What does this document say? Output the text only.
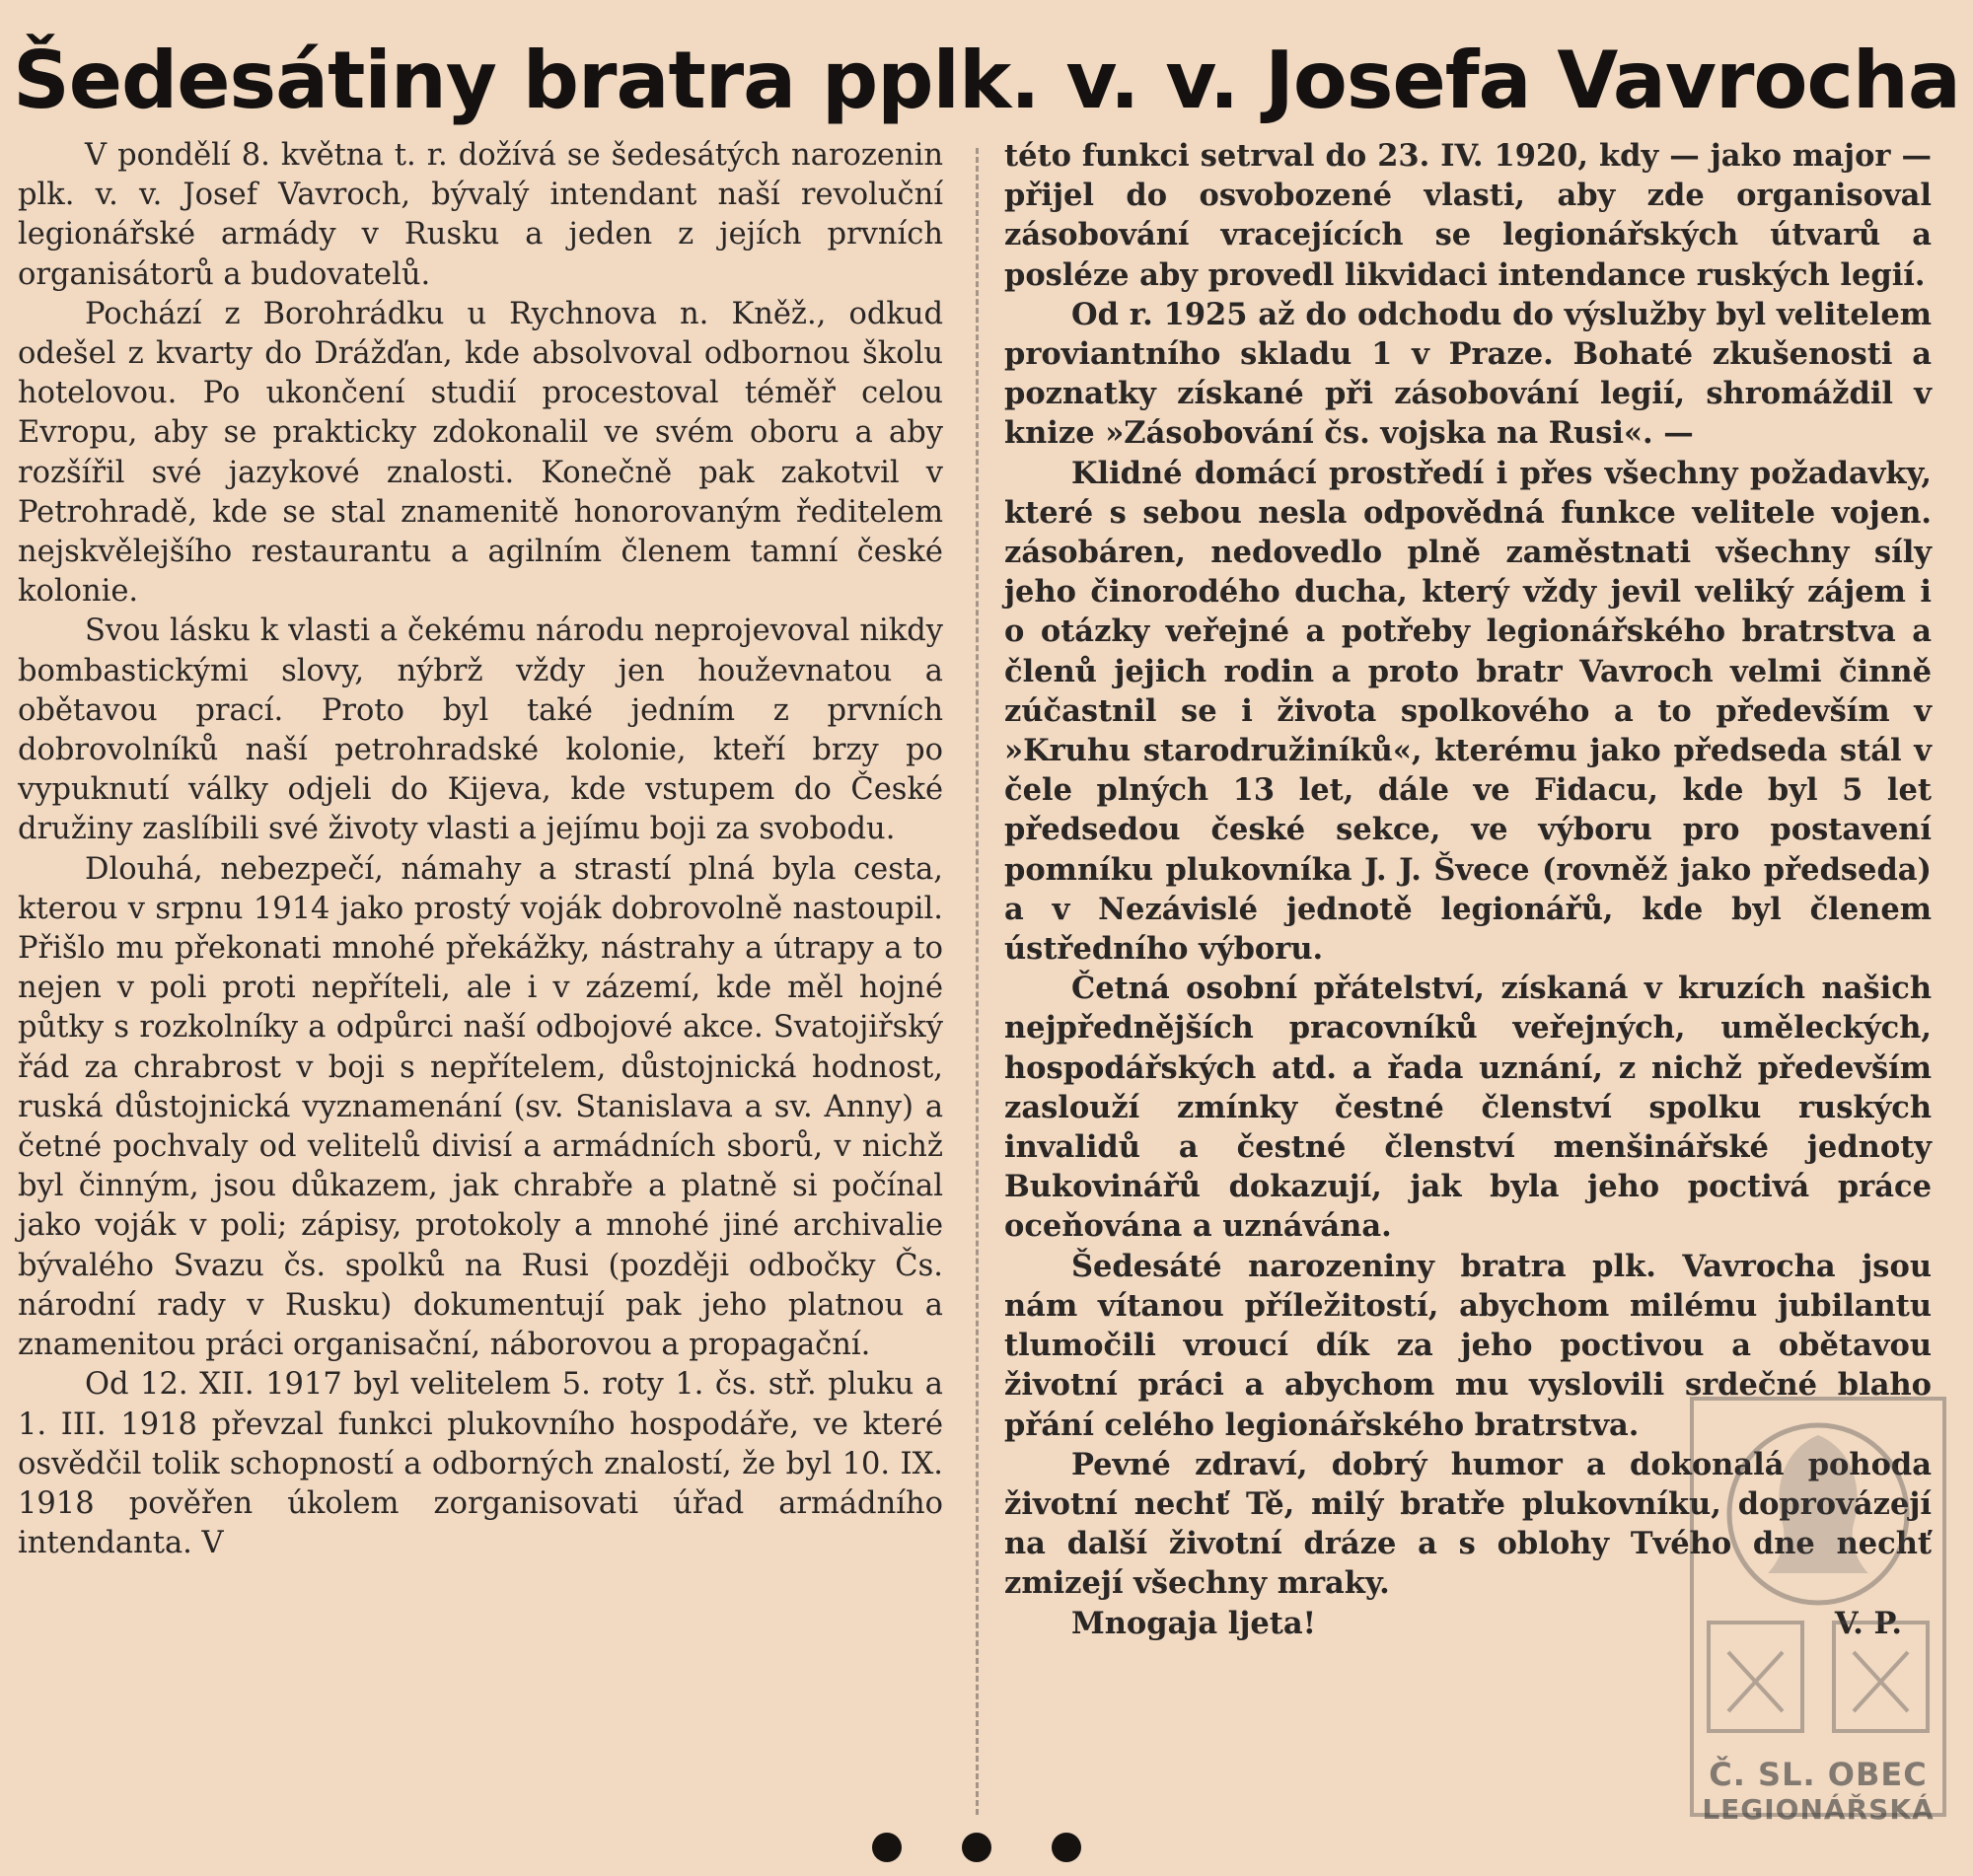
Šedesátiny bratra pplk. v. v. Josefa Vavrocha

V pondělí 8. května t. r. dožívá se šedesátých narozenin plk. v. v. Josef Vavroch, bývalý intendant naší revoluční legionářské armády v Rusku a jeden z jejích prvních organisátorů a budovatelů.

Pochází z Borohrádku u Rychnova n. Kněž., odkud odešel z kvarty do Drážďan, kde absolvoval odbornou školu hotelovou. Po ukončení studií procestoval téměř celou Evropu, aby se prakticky zdokonalil ve svém oboru a aby rozšířil své jazykové znalosti. Konečně pak zakotvil v Petrohradě, kde se stal znamenitě honorovaným ředitelem nejskvělejšího restaurantu a agilním členem tamní české kolonie.

Svou lásku k vlasti a čekému národu neprojevoval nikdy bombastickými slovy, nýbrž vždy jen houževnatou a obětavou prací. Proto byl také jedním z prvních dobrovolníků naší petrohradské kolonie, kteří brzy po vypuknutí války odjeli do Kijeva, kde vstupem do České družiny zaslíbili své životy vlasti a jejímu boji za svobodu.

Dlouhá, nebezpečí, námahy a strastí plná byla cesta, kterou v srpnu 1914 jako prostý voják dobrovolně nastoupil. Přišlo mu překonati mnohé překážky, nástrahy a útrapy a to nejen v poli proti nepříteli, ale i v zázemí, kde měl hojné půtky s rozkolníky a odpůrci naší odbojové akce. Svatojiřský řád za chrabrost v boji s nepřítelem, důstojnická hodnost, ruská důstojnická vyznamenání (sv. Stanislava a sv. Anny) a četné pochvaly od velitelů divisí a armádních sborů, v nichž byl činným, jsou důkazem, jak chrabře a platně si počínal jako voják v poli; zápisy, protokoly a mnohé jiné archivalie bývalého Svazu čs. spolků na Rusi (později odbočky Čs. národní rady v Rusku) dokumentují pak jeho platnou a znamenitou práci organisační, náborovou a propagační.

Od 12. XII. 1917 byl velitelem 5. roty 1. čs. stř. pluku a 1. III. 1918 převzal funkci plukovního hospodáře, ve které osvědčil tolik schopností a odborných znalostí, že byl 10. IX. 1918 pověřen úkolem zorganisovati úřad armádního intendanta. V

této funkci setrval do 23. IV. 1920, kdy — jako major — přijel do osvobozené vlasti, aby zde organisoval zásobování vracejících se legionářských útvarů a posléze aby provedl likvidaci intendance ruských legií.

Od r. 1925 až do odchodu do výslužby byl velitelem proviantního skladu 1 v Praze. Bohaté zkušenosti a poznatky získané při zásobování legií, shromáždil v knize »Zásobování čs. vojska na Rusi«. —

Klidné domácí prostředí i přes všechny požadavky, které s sebou nesla odpovědná funkce velitele vojen. zásobáren, nedovedlo plně zaměstnati všechny síly jeho činorodého ducha, který vždy jevil veliký zájem i o otázky veřejné a potřeby legionářského bratrstva a členů jejich rodin a proto bratr Vavroch velmi činně zúčastnil se i života spolkového a to především v »Kruhu starodružiníků«, kterému jako předseda stál v čele plných 13 let, dále ve Fidacu, kde byl 5 let předsedou české sekce, ve výboru pro postavení pomníku plukovníka J. J. Švece (rovněž jako předseda) a v Nezávislé jednotě legionářů, kde byl členem ústředního výboru.

Četná osobní přátelství, získaná v kruzích našich nejpřednějších pracovníků veřejných, uměleckých, hospodářských atd. a řada uznání, z nichž především zaslouží zmínky čestné členství spolku ruských invalidů a čestné členství menšinářské jednoty Bukovinářů dokazují, jak byla jeho poctivá práce oceňována a uznávána.

Šedesáté narozeniny bratra plk. Vavrocha jsou nám vítanou příležitostí, abychom milému jubilantu tlumočili vroucí dík za jeho poctivou a obětavou životní práci a abychom mu vyslovili srdečné blaho přání celého legionářského bratrstva.

Pevné zdraví, dobrý humor a dokonalá pohoda životní nechť Tě, milý bratře plukovníku, doprovázejí na další životní dráze a s oblohy Tvého dne nechť zmizejí všechny mraky.

Mnogaja ljeta!	V. P.

Č. SL. OBEC
LEGIONÁŘSKÁ
